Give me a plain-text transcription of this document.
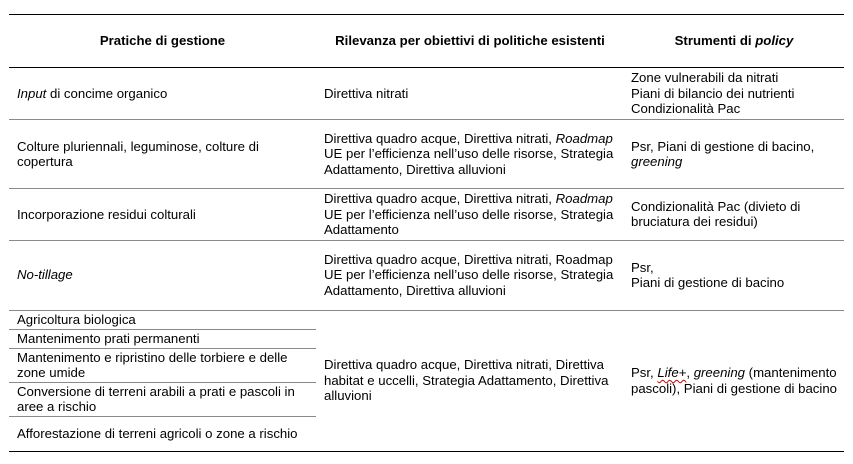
Pratiche di gestione	Rilevanza per obiettivi di politiche esistenti	Strumenti di policy
Input di concime organico	Direttiva nitrati	Zone vulnerabili da nitrati
Piani di bilancio dei nutrienti
Condizionalità Pac

Colture pluriennali, leguminose, colture di copertura	Direttiva quadro acque, Direttiva nitrati, Roadmap UE per l’efficienza nell’uso delle risorse, Strategia Adattamento, Direttiva alluvioni	Psr, Piani di gestione di bacino, greening
Incorporazione residui colturali	Direttiva quadro acque, Direttiva nitrati, Roadmap UE per l’efficienza nell’uso delle risorse, Strategia Adattamento	Condizionalità Pac (divieto di bruciatura dei residui)
No-tillage	Direttiva quadro acque, Direttiva nitrati, Roadmap UE per l’efficienza nell’uso delle risorse, Strategia Adattamento, Direttiva alluvioni	Psr,
Piani di gestione di bacino

Agricoltura biologica	Direttiva quadro acque, Direttiva nitrati, Direttiva habitat e uccelli, Strategia Adattamento, Direttiva alluvioni	Psr, Life+, greening (mantenimento pascoli), Piani di gestione di bacino
Mantenimento prati permanenti		
Mantenimento e ripristino delle torbiere e delle zone umide		
Conversione di terreni arabili a prati e pascoli in aree a rischio		
Afforestazione di terreni agricoli o zone a rischio		
